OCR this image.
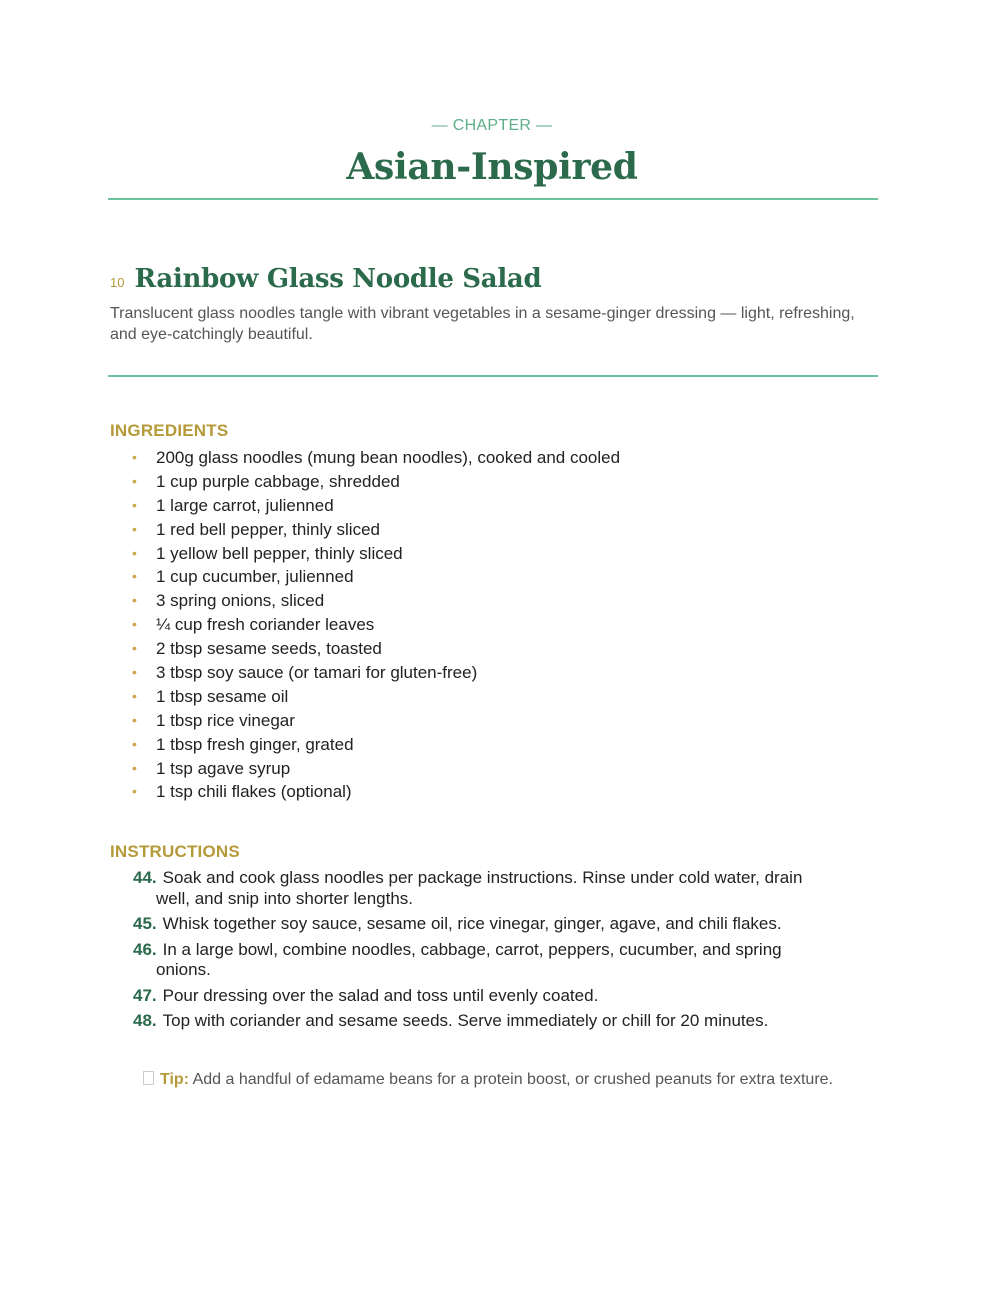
— CHAPTER —
Asian-Inspired
10 Rainbow Glass Noodle Salad

Translucent glass noodles tangle with vibrant vegetables in a sesame-ginger dressing — light, refreshing, and eye-catchingly beautiful.

INGREDIENTS
• 200g glass noodles (mung bean noodles), cooked and cooled
• 1 cup purple cabbage, shredded
• 1 large carrot, julienned
• 1 red bell pepper, thinly sliced
• 1 yellow bell pepper, thinly sliced
• 1 cup cucumber, julienned
• 3 spring onions, sliced
• ¼ cup fresh coriander leaves
• 2 tbsp sesame seeds, toasted
• 3 tbsp soy sauce (or tamari for gluten-free)
• 1 tbsp sesame oil
• 1 tbsp rice vinegar
• 1 tbsp fresh ginger, grated
• 1 tsp agave syrup
• 1 tsp chili flakes (optional)
INSTRUCTIONS
44. Soak and cook glass noodles per package instructions. Rinse under cold water, drain
well, and snip into shorter lengths.
45. Whisk together soy sauce, sesame oil, rice vinegar, ginger, agave, and chili flakes.
46. In a large bowl, combine noodles, cabbage, carrot, peppers, cucumber, and spring
onions.
47. Pour dressing over the salad and toss until evenly coated.
48. Top with coriander and sesame seeds. Serve immediately or chill for 20 minutes.

Tip: Add a handful of edamame beans for a protein boost, or crushed peanuts for extra texture.
